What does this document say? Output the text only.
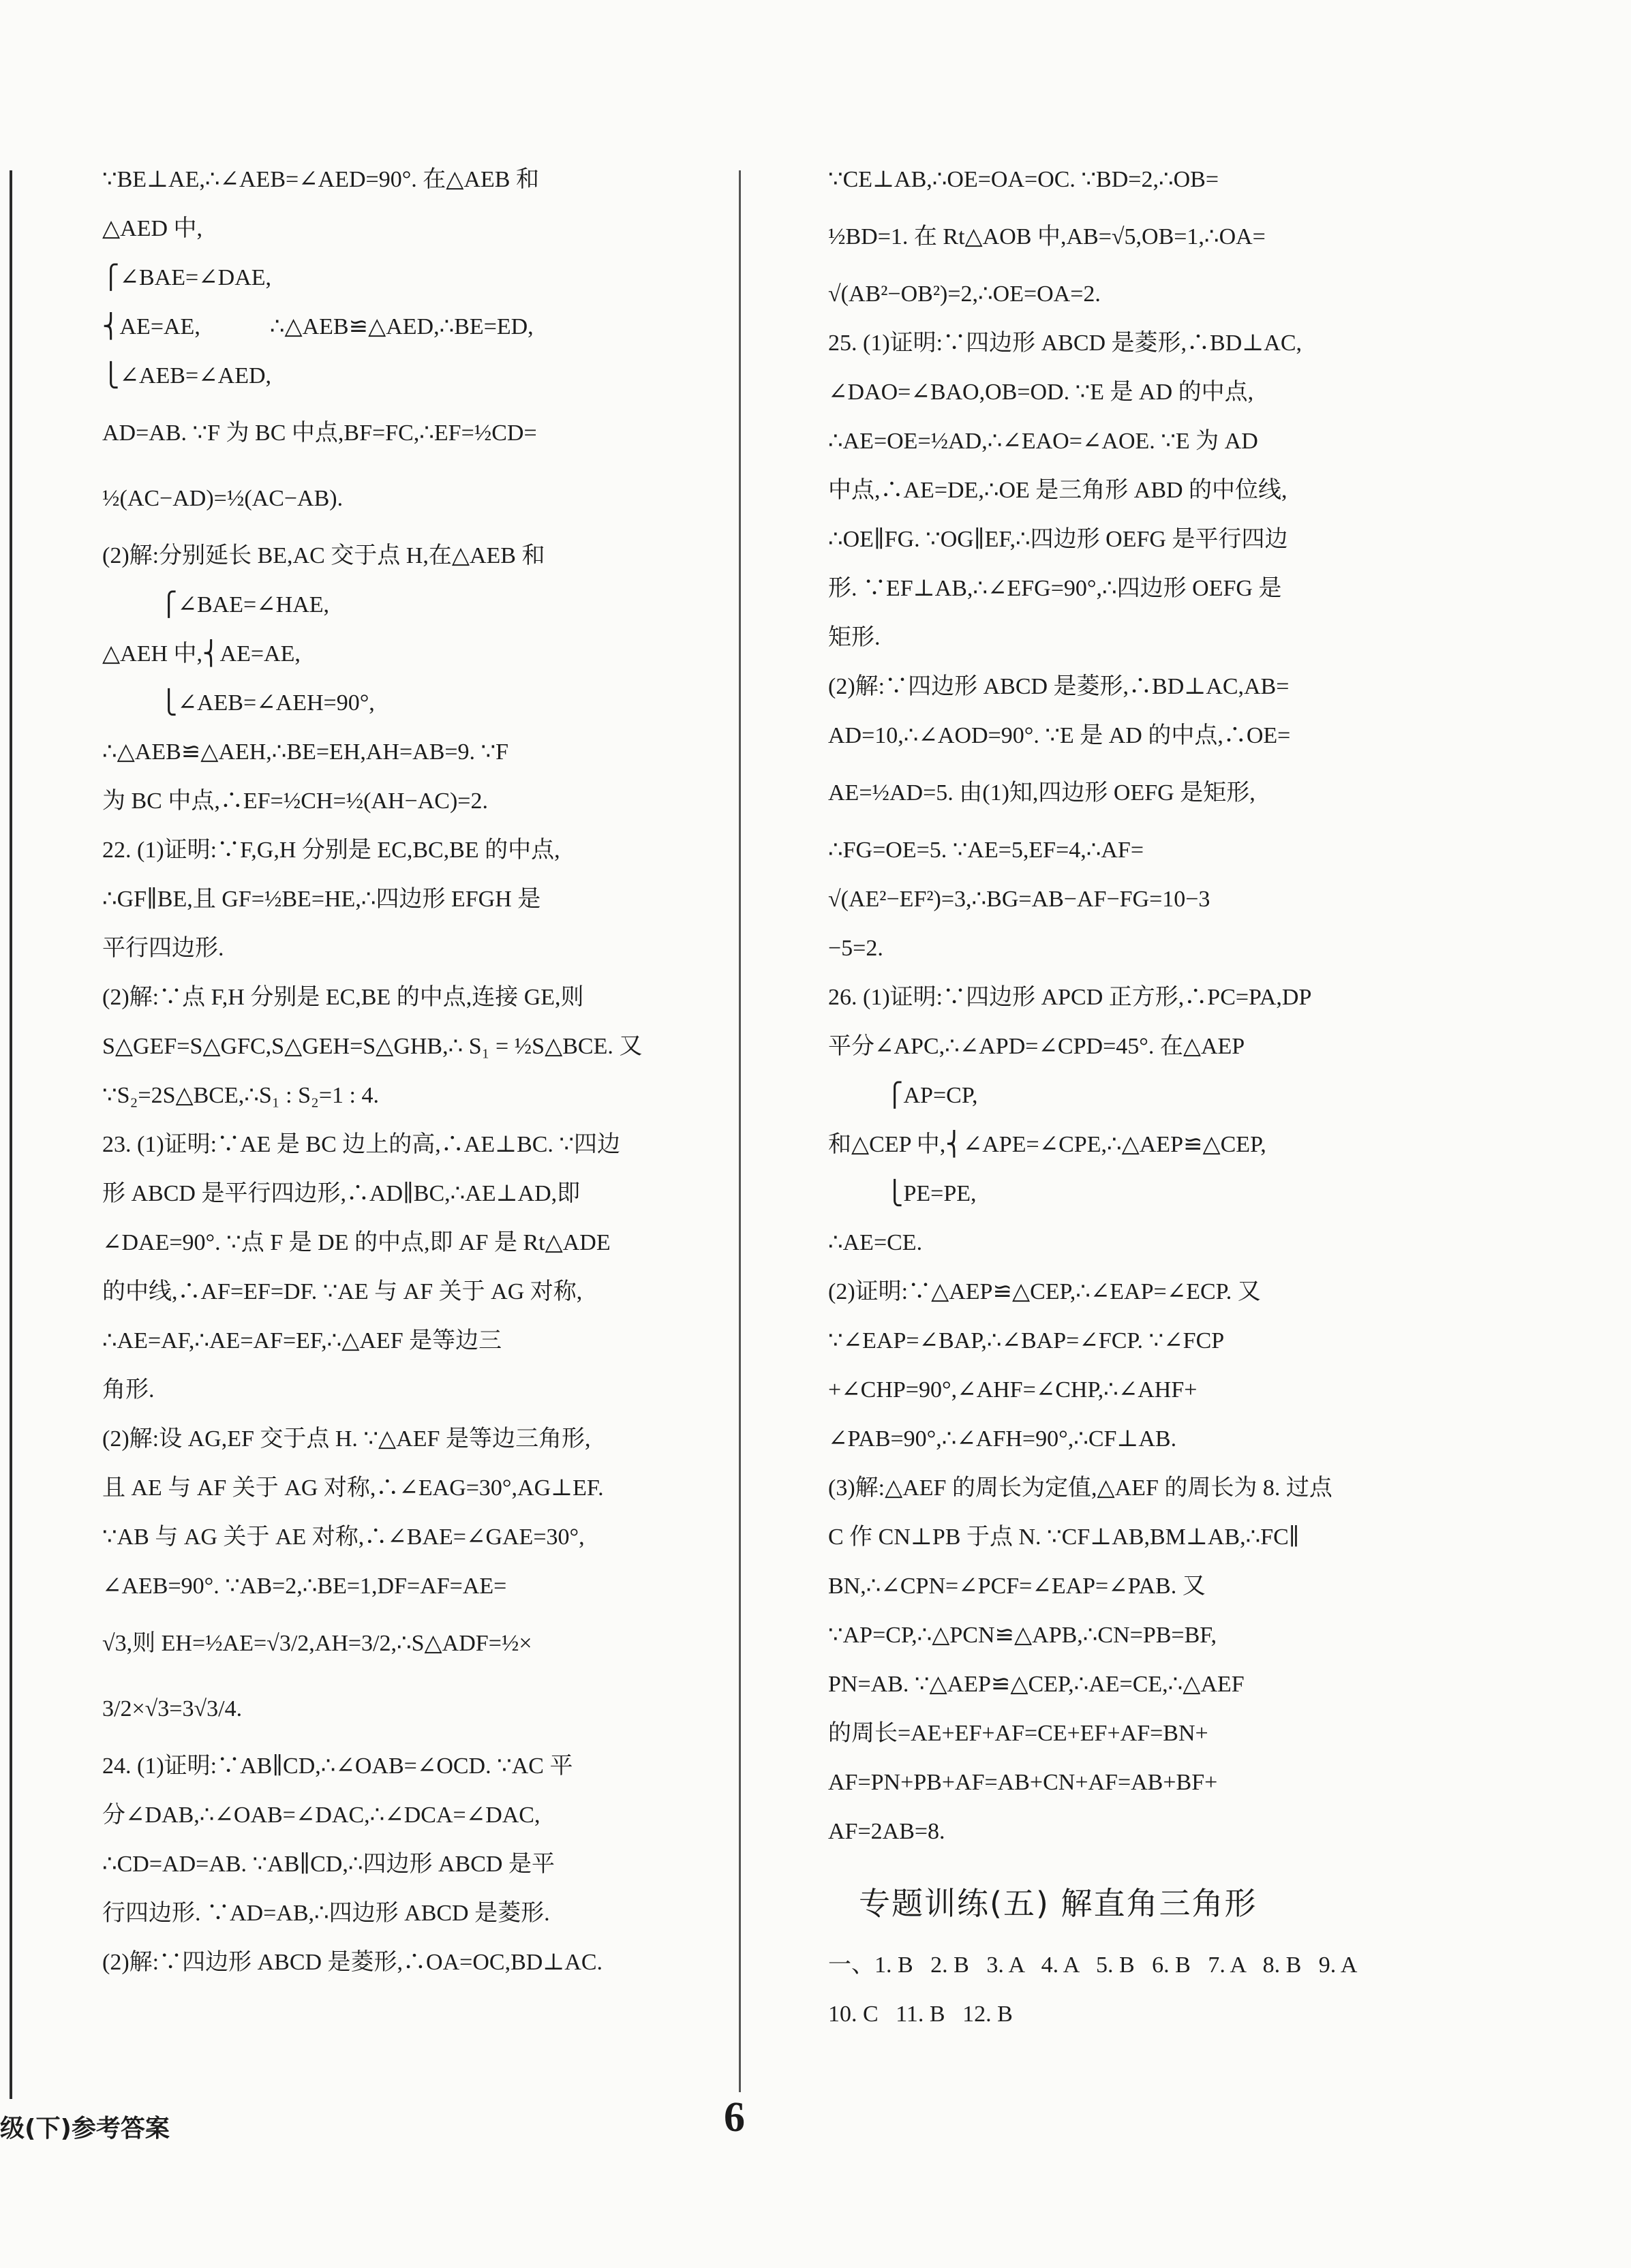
∵BE⊥AE,∴∠AEB=∠AED=90°. 在△AEB 和
△AED 中,
⎧∠BAE=∠DAE,
⎨AE=AE,            ∴△AEB≌△AED,∴BE=ED,
⎩∠AEB=∠AED,
AD=AB. ∵F 为 BC 中点,BF=FC,∴EF=½CD=
½(AC−AD)=½(AC−AB).
(2)解:分别延长 BE,AC 交于点 H,在△AEB 和
⎧∠BAE=∠HAE,
△AEH 中,⎨AE=AE,
⎩∠AEB=∠AEH=90°,
∴△AEB≌△AEH,∴BE=EH,AH=AB=9. ∵F
为 BC 中点,∴EF=½CH=½(AH−AC)=2.
22. (1)证明:∵F,G,H 分别是 EC,BC,BE 的中点,
∴GF∥BE,且 GF=½BE=HE,∴四边形 EFGH 是
平行四边形.
(2)解:∵点 F,H 分别是 EC,BE 的中点,连接 GE,则
S△GEF=S△GFC,S△GEH=S△GHB,∴ S₁ = ½S△BCE. 又
∵S₂=2S△BCE,∴S₁ : S₂=1 : 4.
23. (1)证明:∵AE 是 BC 边上的高,∴AE⊥BC. ∵四边
形 ABCD 是平行四边形,∴AD∥BC,∴AE⊥AD,即
∠DAE=90°. ∵点 F 是 DE 的中点,即 AF 是 Rt△ADE
的中线,∴AF=EF=DF. ∵AE 与 AF 关于 AG 对称,
∴AE=AF,∴AE=AF=EF,∴△AEF 是等边三
角形.
(2)解:设 AG,EF 交于点 H. ∵△AEF 是等边三角形,
且 AE 与 AF 关于 AG 对称,∴∠EAG=30°,AG⊥EF.
∵AB 与 AG 关于 AE 对称,∴∠BAE=∠GAE=30°,
∠AEB=90°. ∵AB=2,∴BE=1,DF=AF=AE=
√3,则 EH=½AE=√3/2,AH=3/2,∴S△ADF=½×
3/2×√3=3√3/4.
24. (1)证明:∵AB∥CD,∴∠OAB=∠OCD. ∵AC 平
分∠DAB,∴∠OAB=∠DAC,∴∠DCA=∠DAC,
∴CD=AD=AB. ∵AB∥CD,∴四边形 ABCD 是平
行四边形. ∵AD=AB,∴四边形 ABCD 是菱形.
(2)解:∵四边形 ABCD 是菱形,∴OA=OC,BD⊥AC.
∵CE⊥AB,∴OE=OA=OC. ∵BD=2,∴OB=
½BD=1. 在 Rt△AOB 中,AB=√5,OB=1,∴OA=
√(AB²−OB²)=2,∴OE=OA=2.
25. (1)证明:∵四边形 ABCD 是菱形,∴BD⊥AC,
∠DAO=∠BAO,OB=OD. ∵E 是 AD 的中点,
∴AE=OE=½AD,∴∠EAO=∠AOE. ∵E 为 AD
中点,∴AE=DE,∴OE 是三角形 ABD 的中位线,
∴OE∥FG. ∵OG∥EF,∴四边形 OEFG 是平行四边
形. ∵EF⊥AB,∴∠EFG=90°,∴四边形 OEFG 是
矩形.
(2)解:∵四边形 ABCD 是菱形,∴BD⊥AC,AB=
AD=10,∴∠AOD=90°. ∵E 是 AD 的中点,∴OE=
AE=½AD=5. 由(1)知,四边形 OEFG 是矩形,
∴FG=OE=5. ∵AE=5,EF=4,∴AF=
√(AE²−EF²)=3,∴BG=AB−AF−FG=10−3
−5=2.
26. (1)证明:∵四边形 APCD 正方形,∴PC=PA,DP
平分∠APC,∴∠APD=∠CPD=45°. 在△AEP
⎧AP=CP,
和△CEP 中,⎨∠APE=∠CPE,∴△AEP≌△CEP,
⎩PE=PE,
∴AE=CE.
(2)证明:∵△AEP≌△CEP,∴∠EAP=∠ECP. 又
∵∠EAP=∠BAP,∴∠BAP=∠FCP. ∵∠FCP
+∠CHP=90°,∠AHF=∠CHP,∴∠AHF+
∠PAB=90°,∴∠AFH=90°,∴CF⊥AB.
(3)解:△AEF 的周长为定值,△AEF 的周长为 8. 过点
C 作 CN⊥PB 于点 N. ∵CF⊥AB,BM⊥AB,∴FC∥
BN,∴∠CPN=∠PCF=∠EAP=∠PAB. 又
∵AP=CP,∴△PCN≌△APB,∴CN=PB=BF,
PN=AB. ∵△AEP≌△CEP,∴AE=CE,∴△AEF
的周长=AE+EF+AF=CE+EF+AF=BN+
AF=PN+PB+AF=AB+CN+AF=AB+BF+
AF=2AB=8.
专题训练(五) 解直角三角形
一、1. B   2. B   3. A   4. A   5. B   6. B   7. A   8. B   9. A
10. C   11. B   12. B
级(下)参考答案	6
